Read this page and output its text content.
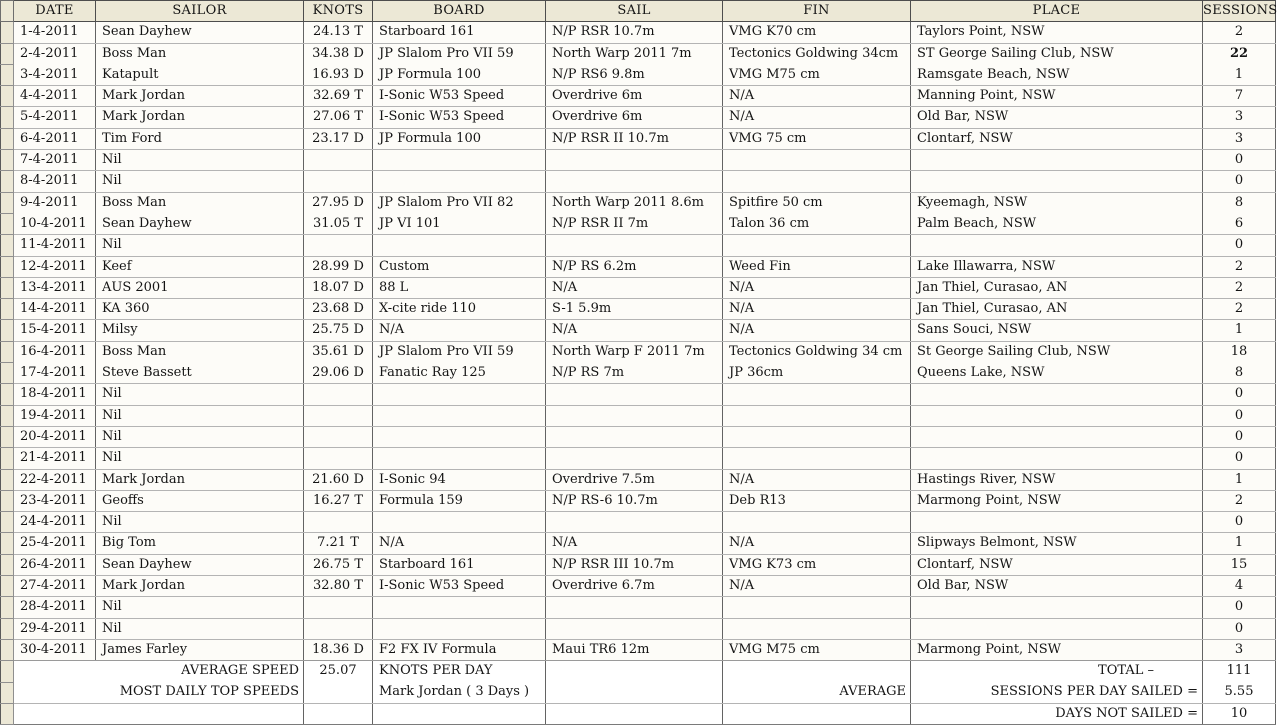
	DATE	SAILOR	KNOTS	BOARD	SAIL	FIN	PLACE	SESSIONS
	1-4-2011	Sean Dayhew	24.13 T	Starboard 161	N/P RSR 10.7m	VMG K70 cm	Taylors Point, NSW	2
	2-4-2011	Boss Man	34.38 D	JP Slalom Pro VII 59	North Warp 2011 7m	Tectonics Goldwing 34cm	ST George Sailing Club, NSW	22
	3-4-2011	Katapult	16.93 D	JP Formula 100	N/P RS6 9.8m	VMG M75 cm	Ramsgate Beach, NSW	1
	4-4-2011	Mark Jordan	32.69 T	I-Sonic W53 Speed	Overdrive 6m	N/A	Manning Point, NSW	7
	5-4-2011	Mark Jordan	27.06 T	I-Sonic W53 Speed	Overdrive 6m	N/A	Old Bar, NSW	3
	6-4-2011	Tim Ford	23.17 D	JP Formula 100	N/P RSR II 10.7m	VMG 75 cm	Clontarf, NSW	3
	7-4-2011	Nil						0
	8-4-2011	Nil						0
	9-4-2011	Boss Man	27.95 D	JP Slalom Pro VII 82	North Warp 2011 8.6m	Spitfire 50 cm	Kyeemagh, NSW	8
	10-4-2011	Sean Dayhew	31.05 T	JP VI 101	N/P RSR II 7m	Talon 36 cm	Palm Beach, NSW	6
	11-4-2011	Nil						0
	12-4-2011	Keef	28.99 D	Custom	N/P RS 6.2m	Weed Fin	Lake Illawarra, NSW	2
	13-4-2011	AUS 2001	18.07 D	88 L	N/A	N/A	Jan Thiel, Curasao, AN	2
	14-4-2011	KA 360	23.68 D	X-cite ride 110	S-1 5.9m	N/A	Jan Thiel, Curasao, AN	2
	15-4-2011	Milsy	25.75 D	N/A	N/A	N/A	Sans Souci, NSW	1
	16-4-2011	Boss Man	35.61 D	JP Slalom Pro VII 59	North Warp F 2011 7m	Tectonics Goldwing 34 cm	St George Sailing Club, NSW	18
	17-4-2011	Steve Bassett	29.06 D	Fanatic Ray 125	N/P RS 7m	JP 36cm	Queens Lake, NSW	8
	18-4-2011	Nil						0
	19-4-2011	Nil						0
	20-4-2011	Nil						0
	21-4-2011	Nil						0
	22-4-2011	Mark Jordan	21.60 D	I-Sonic 94	Overdrive 7.5m	N/A	Hastings River, NSW	1
	23-4-2011	Geoffs	16.27 T	Formula 159	N/P RS-6 10.7m	Deb R13	Marmong Point, NSW	2
	24-4-2011	Nil						0
	25-4-2011	Big Tom	7.21 T	N/A	N/A	N/A	Slipways Belmont, NSW	1
	26-4-2011	Sean Dayhew	26.75 T	Starboard 161	N/P RSR III 10.7m	VMG K73 cm	Clontarf, NSW	15
	27-4-2011	Mark Jordan	32.80 T	I-Sonic W53 Speed	Overdrive 6.7m	N/A	Old Bar, NSW	4
	28-4-2011	Nil						0
	29-4-2011	Nil						0
	30-4-2011	James Farley	18.36 D	F2 FX IV Formula	Maui TR6 12m	VMG M75 cm	Marmong Point, NSW	3
	AVERAGE SPEED		25.07	KNOTS PER DAY			TOTAL –	111
	MOST DAILY TOP SPEEDS			Mark Jordan ( 3 Days )		AVERAGE	SESSIONS PER DAY SAILED =	5.55
							DAYS NOT SAILED =	10
